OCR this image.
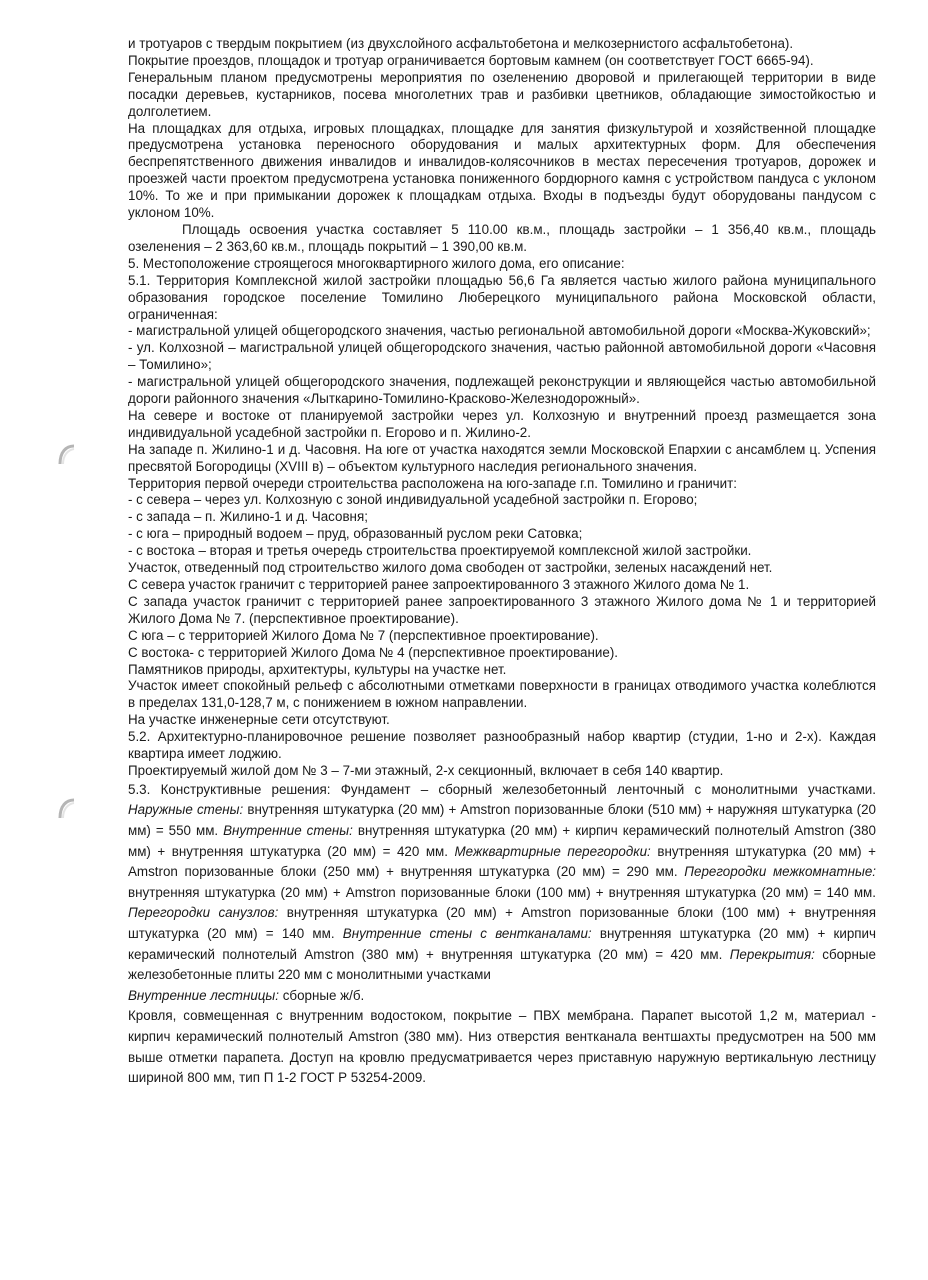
и тротуаров с твердым покрытием (из двухслойного асфальтобетона и мелкозернистого асфальтобетона).

Покрытие проездов, площадок и тротуар ограничивается бортовым камнем (он соответствует ГОСТ 6665-94).

Генеральным планом предусмотрены мероприятия по озеленению дворовой и прилегающей территории в виде посадки деревьев, кустарников, посева многолетних трав и разбивки цветников, обладающие зимостойкостью и долголетием.

На площадках для отдыха, игровых площадках, площадке для занятия физкультурой и хозяйственной площадке предусмотрена установка переносного оборудования и малых архитектурных форм. Для обеспечения беспрепятственного движения инвалидов и инвалидов-колясочников в местах пересечения тротуаров, дорожек и проезжей части проектом предусмотрена установка пониженного бордюрного камня с устройством пандуса с уклоном 10%. То же и при примыкании дорожек к площадкам отдыха. Входы в подъезды будут оборудованы пандусом с уклоном 10%.

Площадь освоения участка составляет 5 110.00 кв.м., площадь застройки – 1 356,40 кв.м., площадь озеленения – 2 363,60 кв.м., площадь покрытий – 1 390,00 кв.м.

5. Местоположение строящегося многоквартирного жилого дома, его описание:

5.1. Территория Комплексной жилой застройки площадью 56,6 Га является частью жилого района муниципального образования городское поселение Томилино Люберецкого муниципального района Московской области, ограниченная:

- магистральной улицей общегородского значения, частью региональной автомобильной дороги «Москва-Жуковский»;

- ул. Колхозной – магистральной улицей общегородского значения, частью районной автомобильной дороги «Часовня – Томилино»;

- магистральной улицей общегородского значения, подлежащей реконструкции и являющейся частью автомобильной дороги районного значения «Лыткарино-Томилино-Красково-Железнодорожный».

На севере и востоке от планируемой застройки через ул. Колхозную и внутренний проезд размещается зона индивидуальной усадебной застройки п. Егорово и п. Жилино-2.

На западе п. Жилино-1 и д. Часовня. На юге от участка находятся земли Московской Епархии с ансамблем ц. Успения пресвятой Богородицы (XVIII в) – объектом культурного наследия регионального значения.

Территория первой очереди строительства расположена на юго-западе г.п. Томилино и граничит:

- с севера – через ул. Колхозную с зоной индивидуальной усадебной застройки п. Егорово;

- с запада – п. Жилино-1 и д. Часовня;

- с юга – природный водоем – пруд, образованный руслом реки Сатовка;

- с востока – вторая и третья очередь строительства проектируемой комплексной жилой застройки.

Участок, отведенный под строительство жилого дома свободен от застройки, зеленых насаждений нет.

С севера участок граничит с территорией ранее запроектированного 3 этажного Жилого дома № 1.

С запада участок граничит с территорией ранее запроектированного 3 этажного Жилого дома № 1 и территорией Жилого Дома № 7. (перспективное проектирование).

С юга – с территорией Жилого Дома № 7 (перспективное проектирование).

С востока- с территорией Жилого Дома № 4 (перспективное проектирование).

Памятников природы, архитектуры, культуры на участке нет.

Участок имеет спокойный рельеф с абсолютными отметками поверхности в границах отводимого участка колеблются в пределах 131,0-128,7 м, с понижением в южном направлении.

На участке инженерные сети отсутствуют.

5.2. Архитектурно-планировочное решение позволяет разнообразный набор квартир (студии, 1-но и 2-х). Каждая квартира имеет лоджию.

Проектируемый жилой дом № 3 – 7-ми этажный, 2-х секционный, включает в себя 140 квартир.

5.3. Конструктивные решения: Фундамент – сборный железобетонный ленточный с монолитными участками. Наружные стены: внутренняя штукатурка (20 мм) + Amstron поризованные блоки (510 мм) + наружняя штукатурка (20 мм) = 550 мм. Внутренние стены: внутренняя штукатурка (20 мм) + кирпич керамический полнотелый Amstron (380 мм) + внутренняя штукатурка (20 мм) = 420 мм. Межквартирные перегородки: внутренняя штукатурка (20 мм) + Amstron поризованные блоки (250 мм) + внутренняя штукатурка (20 мм) = 290 мм. Перегородки межкомнатные: внутренняя штукатурка (20 мм) + Amstron поризованные блоки (100 мм) + внутренняя штукатурка (20 мм) = 140 мм. Перегородки санузлов: внутренняя штукатурка (20 мм) + Amstron поризованные блоки (100 мм) + внутренняя штукатурка (20 мм) = 140 мм. Внутренние стены с вентканалами: внутренняя штукатурка (20 мм) + кирпич керамический полнотелый Amstron (380 мм) + внутренняя штукатурка (20 мм) = 420 мм. Перекрытия: сборные железобетонные плиты 220 мм с монолитными участками
Внутренние лестницы: сборные ж/б.

Кровля, совмещенная с внутренним водостоком, покрытие – ПВХ мембрана. Парапет высотой 1,2 м, материал - кирпич керамический полнотелый Amstron (380 мм). Низ отверстия вентканала вентшахты предусмотрен на 500 мм выше отметки парапета. Доступ на кровлю предусматривается через приставную наружную вертикальную лестницу шириной 800 мм, тип П 1-2 ГОСТ Р 53254-2009.
